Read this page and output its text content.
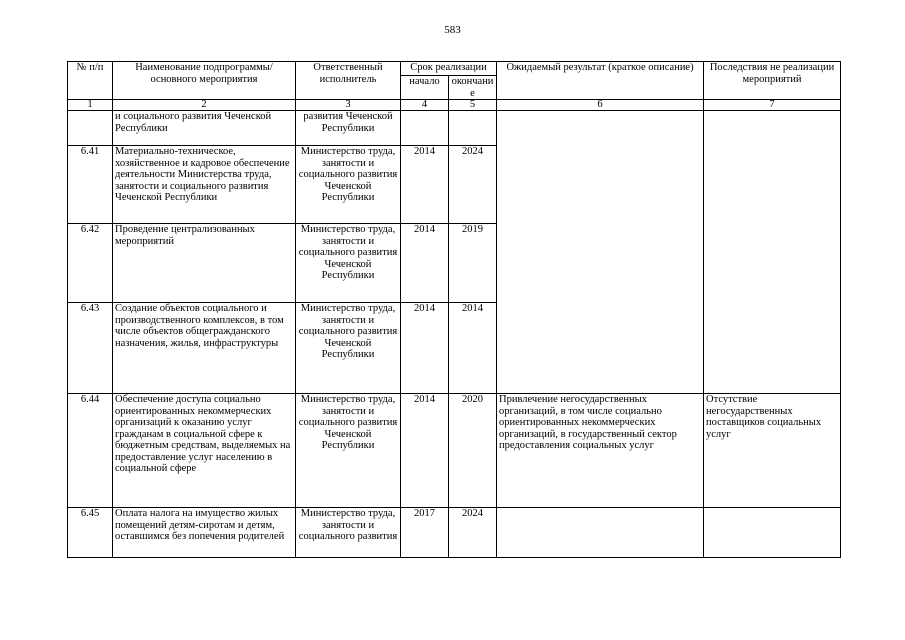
583
№ п/п	Наименование подпрограммы/ основного мероприятия	Ответственный исполнитель	Срок реализации		Ожидаемый результат (краткое описание)	Последствия не реализации мероприятий
			начало	окончани е		
1	2	3	4	5	6	7
	и социального развития Чеченской Республики	развития Чеченской Республики				
6.41	Материально-техническое, хозяйственное и кадровое обеспечение деятельности Министерства труда, занятости и социального развития Чеченской Республики	Министерство труда, занятости и социального развития Чеченской Республики	2014	2024		
6.42	Проведение централизованных мероприятий	Министерство труда, занятости и социального развития Чеченской Республики	2014	2019		
6.43	Создание объектов социального и производственного комплексов, в том числе объектов общегражданского назначения, жилья, инфраструктуры	Министерство труда, занятости и социального развития Чеченской Республики	2014	2014		
6.44	Обеспечение доступа социально ориентированных некоммерческих организаций к оказанию услуг гражданам в социальной сфере к бюджетным средствам, выделяемых на предоставление услуг населению в социальной сфере	Министерство труда, занятости и социального развития Чеченской Республики	2014	2020	Привлечение негосударственных организаций, в том числе социально ориентированных некоммерческих организаций, в государственный сектор предоставления социальных услуг	Отсутствие негосударственных поставщиков социальных услуг
6.45	Оплата налога на имущество жилых помещений детям-сиротам и детям, оставшимся без попечения родителей	Министерство труда, занятости и социального развития	2017	2024		
